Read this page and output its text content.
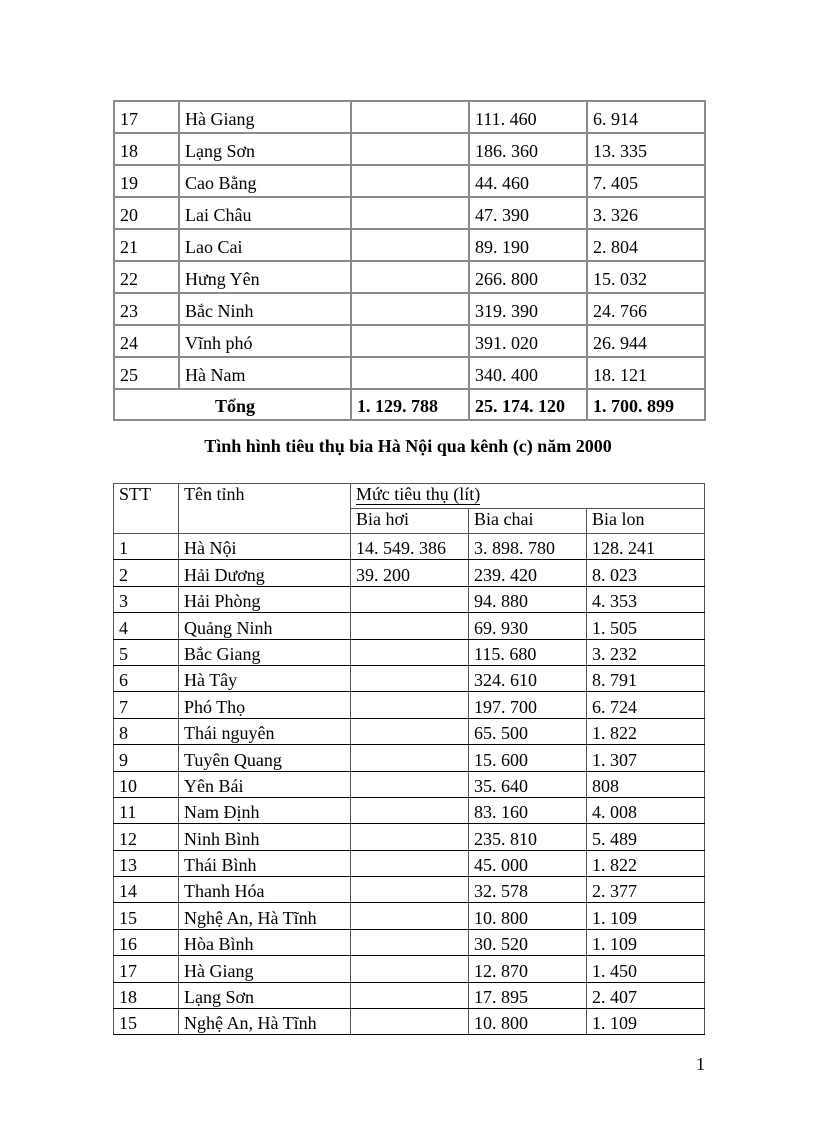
17	Hà Giang		111. 460	6. 914
18	Lạng Sơn		186. 360	13. 335
19	Cao Bằng		44. 460	7. 405
20	Lai Châu		47. 390	3. 326
21	Lao Cai		89. 190	2. 804
22	Hưng Yên		266. 800	15. 032
23	Bắc Ninh		319. 390	24. 766
24	Vĩnh phó		391. 020	26. 944
25	Hà Nam		340. 400	18. 121
Tổng		1. 129. 788	25. 174. 120	1. 700. 899
Tình hình tiêu thụ bia Hà Nội qua kênh (c) năm 2000
STT	Tên tỉnh	Mức tiêu thụ (lít)		
		Bia hơi	Bia chai	Bia lon
1	Hà Nội	14. 549. 386	3. 898. 780	128. 241
2	Hải Dương	39. 200	239. 420	8. 023
3	Hải Phòng		94. 880	4. 353
4	Quảng Ninh		69. 930	1. 505
5	Bắc Giang		115. 680	3. 232
6	Hà Tây		324. 610	8. 791
7	Phó Thọ		197. 700	6. 724
8	Thái nguyên		65. 500	1. 822
9	Tuyên Quang		15. 600	1. 307
10	Yên Bái		35. 640	808
11	Nam Định		83. 160	4. 008
12	Ninh Bình		235. 810	5. 489
13	Thái Bình		45. 000	1. 822
14	Thanh Hóa		32. 578	2. 377
15	Nghệ An, Hà Tĩnh		10. 800	1. 109
16	Hòa Bình		30. 520	1. 109
17	Hà Giang		12. 870	1. 450
18	Lạng Sơn		17. 895	2. 407
15	Nghệ An, Hà Tĩnh		10. 800	1. 109
1
